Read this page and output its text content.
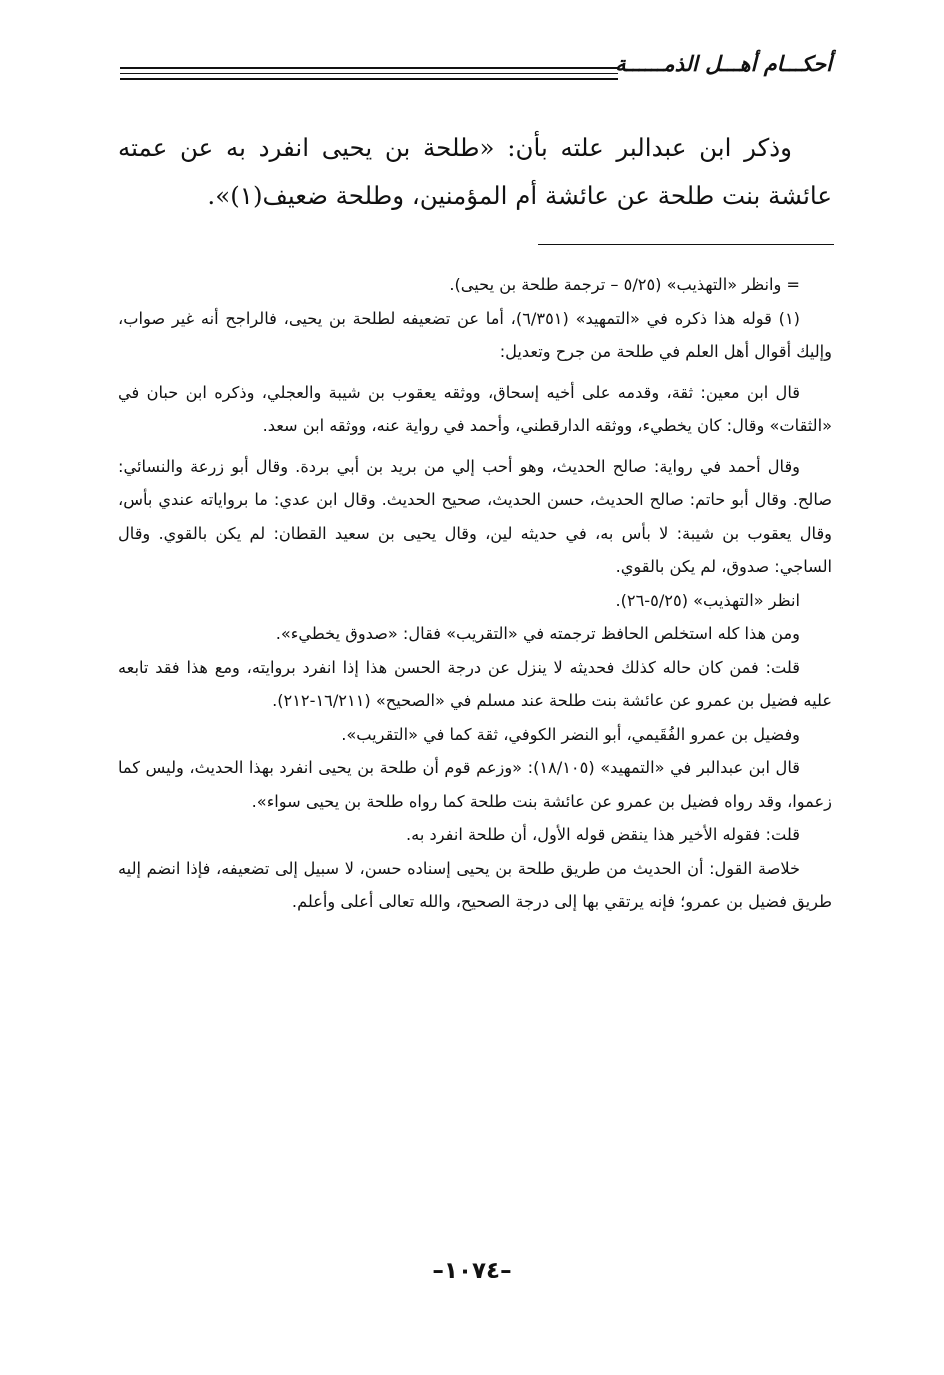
أحكـــام أهـــل الذمــــــة

وذكر ابن عبدالبر علته بأن: «طلحة بن يحيى انفرد به عن عمته عائشة بنت طلحة عن عائشة أم المؤمنين، وطلحة ضعيف(١)».

= وانظر «التهذيب» (٥/٢٥ – ترجمة طلحة بن يحيى).

(١) قوله هذا ذكره في «التمهيد» (٦/٣٥١)، أما عن تضعيفه لطلحة بن يحيى، فالراجح أنه غير صواب، وإليك أقوال أهل العلم في طلحة من جرح وتعديل:

قال ابن معين: ثقة، وقدمه على أخيه إسحاق، ووثقه يعقوب بن شيبة والعجلي، وذكره ابن حبان في «الثقات» وقال: كان يخطيء، ووثقه الدارقطني، وأحمد في رواية عنه، ووثقه ابن سعد.

وقال أحمد في رواية: صالح الحديث، وهو أحب إلي من بريد بن أبي بردة. وقال أبو زرعة والنسائي: صالح. وقال أبو حاتم: صالح الحديث، حسن الحديث، صحيح الحديث. وقال ابن عدي: ما برواياته عندي بأس، وقال يعقوب بن شيبة: لا بأس به، في حديثه لين، وقال يحيى بن سعيد القطان: لم يكن بالقوي. وقال الساجي: صدوق، لم يكن بالقوي.

انظر «التهذيب» (٥/٢٥-٢٦).

ومن هذا كله استخلص الحافظ ترجمته في «التقريب» فقال: «صدوق يخطيء».

قلت: فمن كان حاله كذلك فحديثه لا ينزل عن درجة الحسن هذا إذا انفرد بروايته، ومع هذا فقد تابعه عليه فضيل بن عمرو عن عائشة بنت طلحة عند مسلم في «الصحيح» (١٦/٢١١-٢١٢).

وفضيل بن عمرو الفُقَيمي، أبو النضر الكوفي، ثقة كما في «التقريب».

قال ابن عبدالبر في «التمهيد» (١٨/١٠٥): «وزعم قوم أن طلحة بن يحيى انفرد بهذا الحديث، وليس كما زعموا، وقد رواه فضيل بن عمرو عن عائشة بنت طلحة كما رواه طلحة بن يحيى سواء».

قلت: فقوله الأخير هذا ينقض قوله الأول، أن طلحة انفرد به.

خلاصة القول: أن الحديث من طريق طلحة بن يحيى إسناده حسن، لا سبيل إلى تضعيفه، فإذا انضم إليه طريق فضيل بن عمرو؛ فإنه يرتقي بها إلى درجة الصحيح، والله تعالى أعلى وأعلم.

–١٠٧٤–
